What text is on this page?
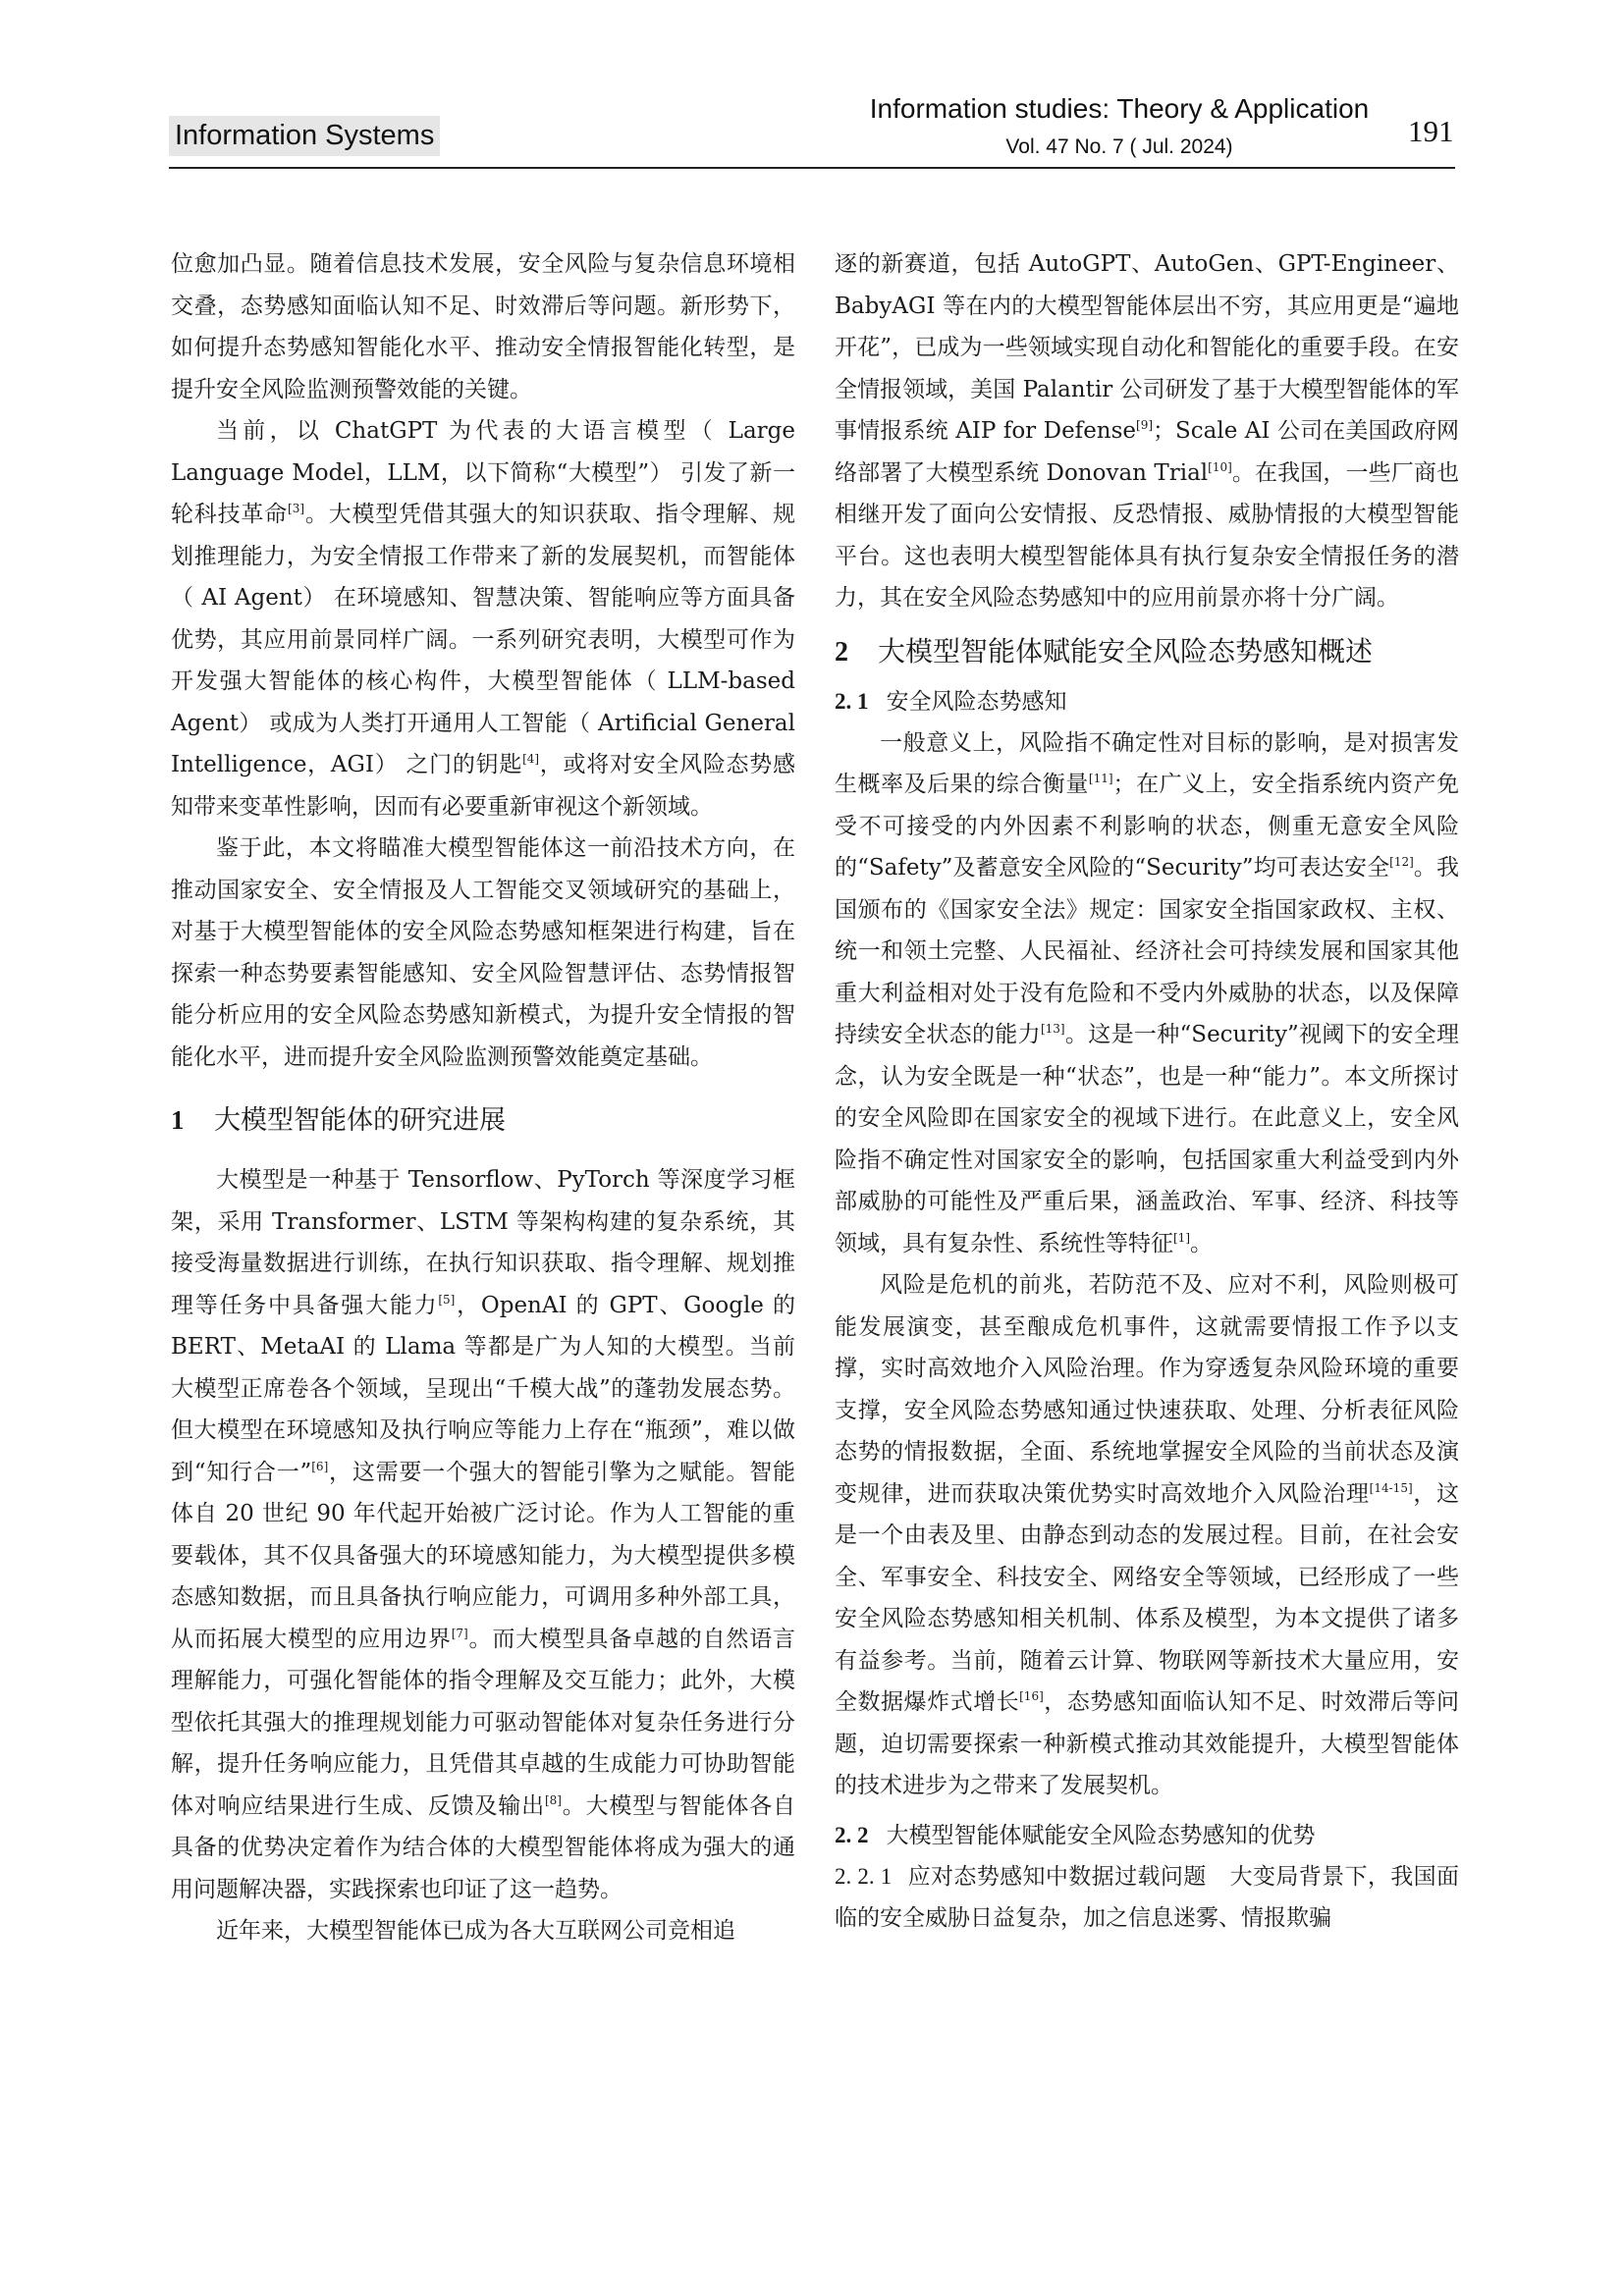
Information Systems
Information studies: Theory & Application
Vol. 47 No. 7 ( Jul. 2024)	191

位愈加凸显。随着信息技术发展，安全风险与复杂信息环境相交叠，态势感知面临认知不足、时效滞后等问题。新形势下，如何提升态势感知智能化水平、推动安全情报智能化转型，是提升安全风险监测预警效能的关键。

当前，以 ChatGPT 为代表的大语言模型（ Large Language Model，LLM，以下简称“大模型”） 引发了新一轮科技革命[3]。大模型凭借其强大的知识获取、指令理解、规划推理能力，为安全情报工作带来了新的发展契机，而智能体（ AI Agent） 在环境感知、智慧决策、智能响应等方面具备优势，其应用前景同样广阔。一系列研究表明，大模型可作为开发强大智能体的核心构件，大模型智能体（ LLM-based Agent） 或成为人类打开通用人工智能（ Artificial General Intelligence，AGI） 之门的钥匙[4]，或将对安全风险态势感知带来变革性影响，因而有必要重新审视这个新领域。

鉴于此，本文将瞄准大模型智能体这一前沿技术方向，在推动国家安全、安全情报及人工智能交叉领域研究的基础上，对基于大模型智能体的安全风险态势感知框架进行构建，旨在探索一种态势要素智能感知、安全风险智慧评估、态势情报智能分析应用的安全风险态势感知新模式，为提升安全情报的智能化水平，进而提升安全风险监测预警效能奠定基础。

1 大模型智能体的研究进展

大模型是一种基于 Tensorflow、PyTorch 等深度学习框架，采用 Transformer、LSTM 等架构构建的复杂系统，其接受海量数据进行训练，在执行知识获取、指令理解、规划推理等任务中具备强大能力[5]，OpenAI 的 GPT、Google 的 BERT、MetaAI 的 Llama 等都是广为人知的大模型。当前大模型正席卷各个领域，呈现出“千模大战”的蓬勃发展态势。但大模型在环境感知及执行响应等能力上存在“瓶颈”，难以做到“知行合一”[6]，这需要一个强大的智能引擎为之赋能。智能体自 20 世纪 90 年代起开始被广泛讨论。作为人工智能的重要载体，其不仅具备强大的环境感知能力，为大模型提供多模态感知数据，而且具备执行响应能力，可调用多种外部工具，从而拓展大模型的应用边界[7]。而大模型具备卓越的自然语言理解能力，可强化智能体的指令理解及交互能力；此外，大模型依托其强大的推理规划能力可驱动智能体对复杂任务进行分解，提升任务响应能力，且凭借其卓越的生成能力可协助智能体对响应结果进行生成、反馈及输出[8]。大模型与智能体各自具备的优势决定着作为结合体的大模型智能体将成为强大的通用问题解决器，实践探索也印证了这一趋势。

近年来，大模型智能体已成为各大互联网公司竞相追

逐的新赛道，包括 AutoGPT、AutoGen、GPT-Engineer、BabyAGI 等在内的大模型智能体层出不穷，其应用更是“遍地开花”，已成为一些领域实现自动化和智能化的重要手段。在安全情报领域，美国 Palantir 公司研发了基于大模型智能体的军事情报系统 AIP for Defense[9]；Scale AI 公司在美国政府网络部署了大模型系统 Donovan Trial[10]。在我国，一些厂商也相继开发了面向公安情报、反恐情报、威胁情报的大模型智能平台。这也表明大模型智能体具有执行复杂安全情报任务的潜力，其在安全风险态势感知中的应用前景亦将十分广阔。

2 大模型智能体赋能安全风险态势感知概述
2. 1 安全风险态势感知

一般意义上，风险指不确定性对目标的影响，是对损害发生概率及后果的综合衡量[11]；在广义上，安全指系统内资产免受不可接受的内外因素不利影响的状态，侧重无意安全风险的“Safety”及蓄意安全风险的“Security”均可表达安全[12]。我国颁布的《国家安全法》规定：国家安全指国家政权、主权、统一和领土完整、人民福祉、经济社会可持续发展和国家其他重大利益相对处于没有危险和不受内外威胁的状态，以及保障持续安全状态的能力[13]。这是一种“Security”视阈下的安全理念，认为安全既是一种“状态”，也是一种“能力”。本文所探讨的安全风险即在国家安全的视域下进行。在此意义上，安全风险指不确定性对国家安全的影响，包括国家重大利益受到内外部威胁的可能性及严重后果，涵盖政治、军事、经济、科技等领域，具有复杂性、系统性等特征[1]。

风险是危机的前兆，若防范不及、应对不利，风险则极可能发展演变，甚至酿成危机事件，这就需要情报工作予以支撑，实时高效地介入风险治理。作为穿透复杂风险环境的重要支撑，安全风险态势感知通过快速获取、处理、分析表征风险态势的情报数据，全面、系统地掌握安全风险的当前状态及演变规律，进而获取决策优势实时高效地介入风险治理[14-15]，这是一个由表及里、由静态到动态的发展过程。目前，在社会安全、军事安全、科技安全、网络安全等领域，已经形成了一些安全风险态势感知相关机制、体系及模型，为本文提供了诸多有益参考。当前，随着云计算、物联网等新技术大量应用，安全数据爆炸式增长[16]，态势感知面临认知不足、时效滞后等问题，迫切需要探索一种新模式推动其效能提升，大模型智能体的技术进步为之带来了发展契机。

2. 2 大模型智能体赋能安全风险态势感知的优势

2. 2. 1 应对态势感知中数据过载问题 大变局背景下，我国面临的安全威胁日益复杂，加之信息迷雾、情报欺骗
